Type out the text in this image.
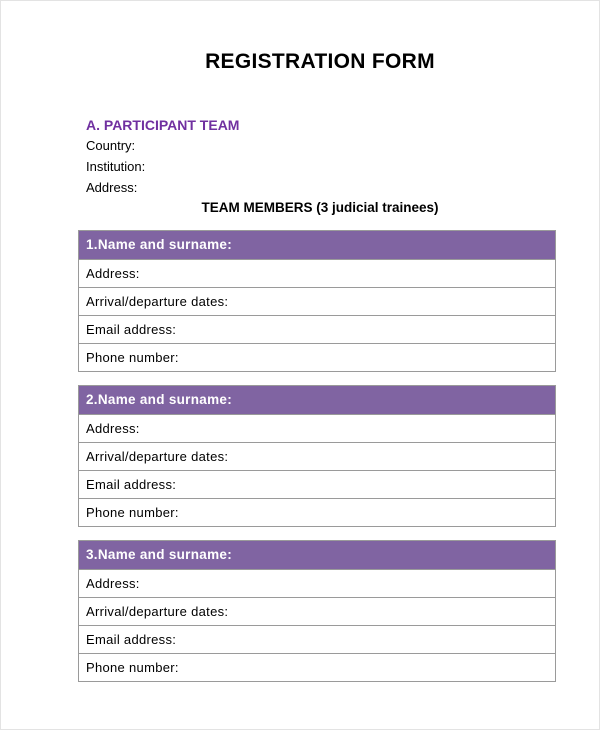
REGISTRATION FORM
A. PARTICIPANT TEAM
Country:
Institution:
Address:
TEAM MEMBERS (3 judicial trainees)
1.Name and surname:
Address:
Arrival/departure dates:
Email address:
Phone number:
2.Name and surname:
Address:
Arrival/departure dates:
Email address:
Phone number:
3.Name and surname:
Address:
Arrival/departure dates:
Email address:
Phone number:
